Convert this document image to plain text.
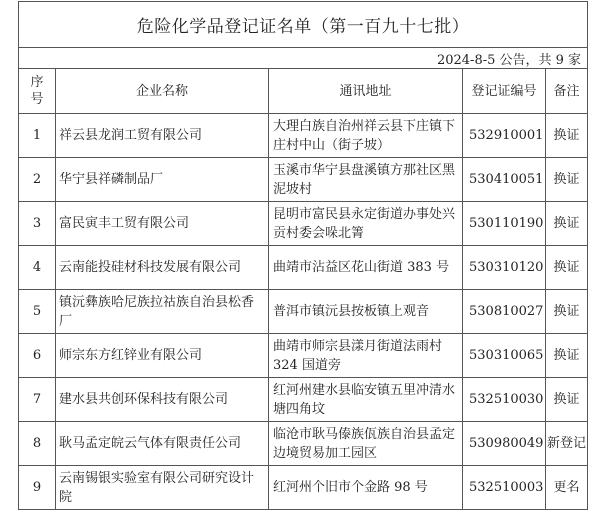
危险化学品登记证名单（第一百九十七批）				
2024-8-5 公告，共 9 家				
序号	企业名称	通讯地址	登记证编号	备注
1	祥云县龙润工贸有限公司	大理白族自治州祥云县下庄镇下庄村中山（街子坡）	532910001	换证
2	华宁县祥磷制品厂	玉溪市华宁县盘溪镇方那社区黑泥坡村	530410051	换证
3	富民寅丰工贸有限公司	昆明市富民县永定街道办事处兴贡村委会哚北箐	530110190	换证
4	云南能投硅材科技发展有限公司	曲靖市沾益区花山街道 383 号	530310120	换证
5	镇沅彝族哈尼族拉祜族自治县松香厂	普洱市镇沅县按板镇上观音	530810027	换证
6	师宗东方红锌业有限公司	曲靖市师宗县漾月街道法雨村 324 国道旁	530310065	换证
7	建水县共创环保科技有限公司	红河州建水县临安镇五里冲清水塘四角坟	532510030	换证
8	耿马孟定皖云气体有限责任公司	临沧市耿马傣族佤族自治县孟定边境贸易加工园区	530980049	新登记
9	云南锡银实验室有限公司研究设计院	红河州个旧市个金路 98 号	532510003	更名
